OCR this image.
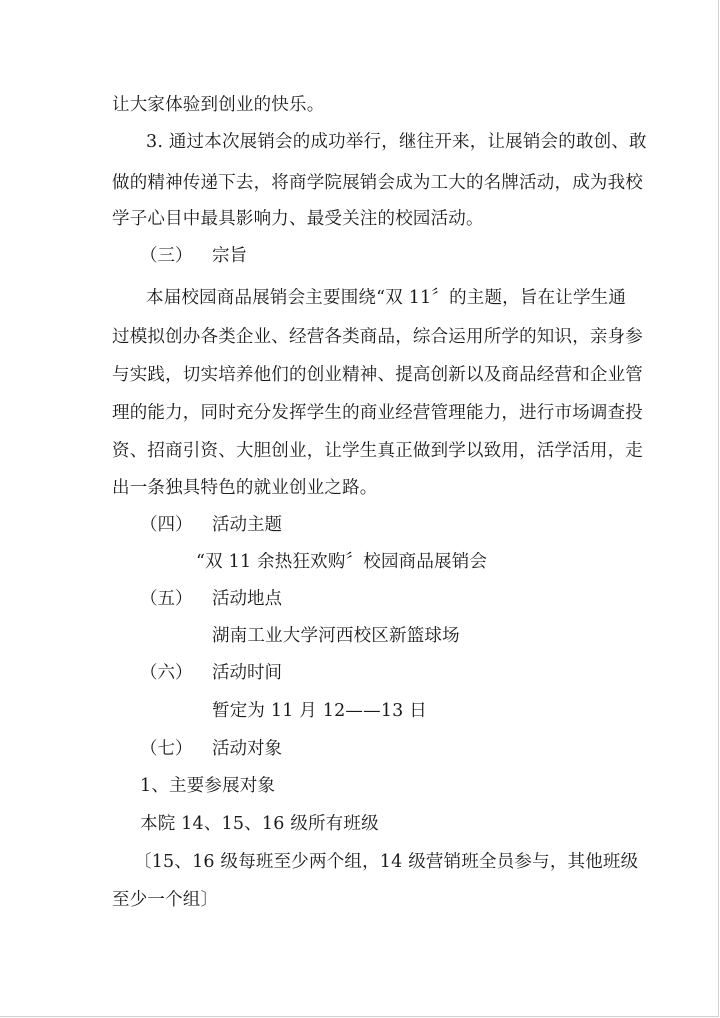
让大家体验到创业的快乐。
3. 通过本次展销会的成功举行，继往开来，让展销会的敢创、敢
做的精神传递下去，将商学院展销会成为工大的名牌活动，成为我校
学子心目中最具影响力、最受关注的校园活动。
（三） 宗旨
本届校园商品展销会主要围绕“双 11〞的主题，旨在让学生通
过模拟创办各类企业、经营各类商品，综合运用所学的知识，亲身参
与实践，切实培养他们的创业精神、提高创新以及商品经营和企业管
理的能力，同时充分发挥学生的商业经营管理能力，进行市场调查投
资、招商引资、大胆创业，让学生真正做到学以致用，活学活用，走
出一条独具特色的就业创业之路。
（四） 活动主题
“双 11 余热狂欢购〞校园商品展销会
（五） 活动地点
湖南工业大学河西校区新篮球场
（六） 活动时间
暂定为 11 月 12——13 日
（七） 活动对象
1、主要参展对象
本院 14、15、16 级所有班级
〔15、16 级每班至少两个组，14 级营销班全员参与，其他班级
至少一个组〕
